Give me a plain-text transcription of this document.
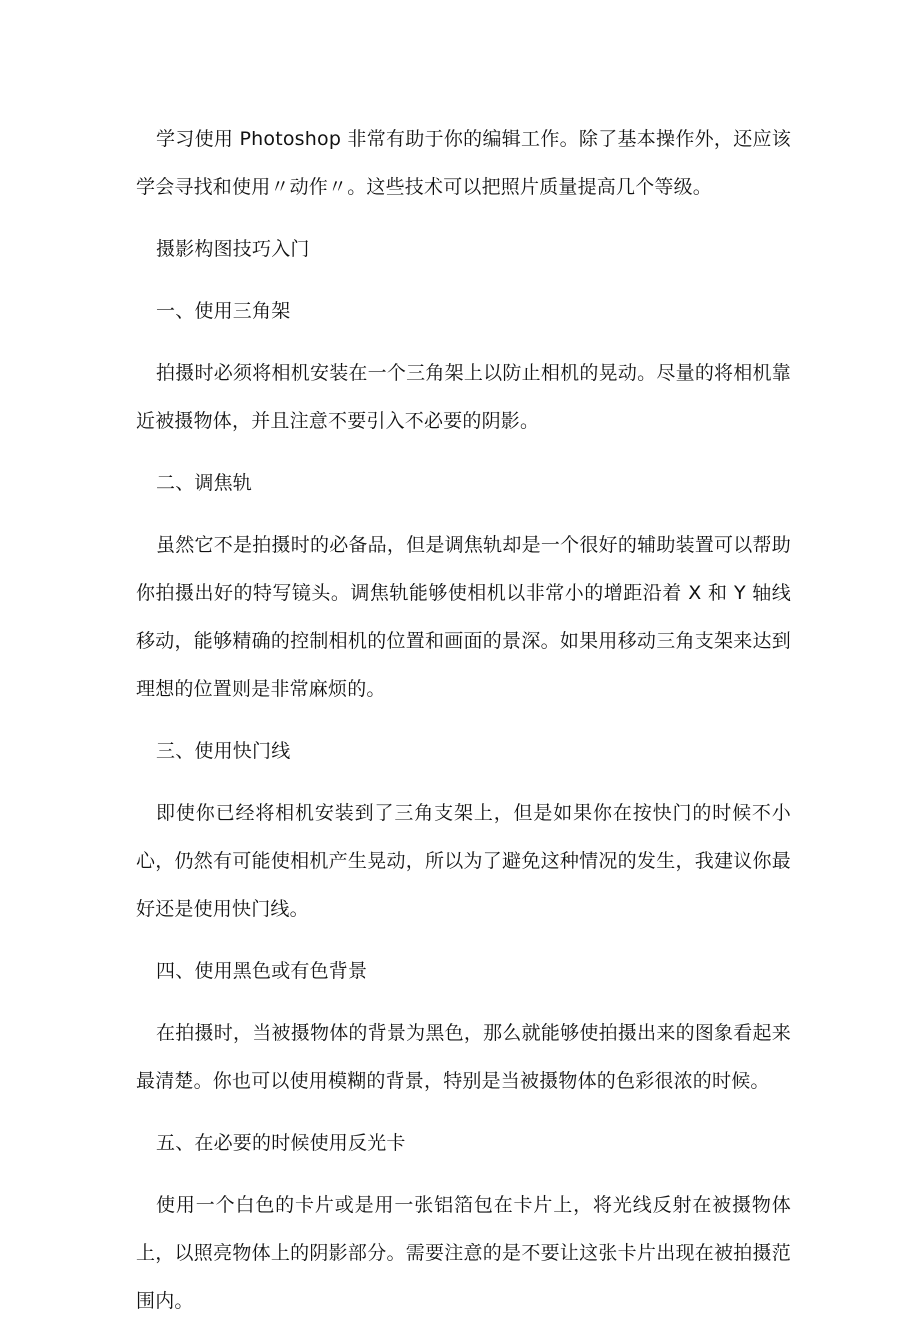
学习使用 Photoshop 非常有助于你的编辑工作。除了基本操作外，还应该学会寻找和使用〃动作〃。这些技术可以把照片质量提高几个等级。

摄影构图技巧入门

一、使用三角架

拍摄时必须将相机安装在一个三角架上以防止相机的晃动。尽量的将相机靠近被摄物体，并且注意不要引入不必要的阴影。

二、调焦轨

虽然它不是拍摄时的必备品，但是调焦轨却是一个很好的辅助装置可以帮助你拍摄出好的特写镜头。调焦轨能够使相机以非常小的增距沿着 X 和 Y 轴线移动，能够精确的控制相机的位置和画面的景深。如果用移动三角支架来达到理想的位置则是非常麻烦的。

三、使用快门线

即使你已经将相机安装到了三角支架上，但是如果你在按快门的时候不小心，仍然有可能使相机产生晃动，所以为了避免这种情况的发生，我建议你最好还是使用快门线。

四、使用黑色或有色背景

在拍摄时，当被摄物体的背景为黑色，那么就能够使拍摄出来的图象看起来最清楚。你也可以使用模糊的背景，特别是当被摄物体的色彩很浓的时候。

五、在必要的时候使用反光卡

使用一个白色的卡片或是用一张铝箔包在卡片上，将光线反射在被摄物体上，以照亮物体上的阴影部分。需要注意的是不要让这张卡片出现在被拍摄范围内。
